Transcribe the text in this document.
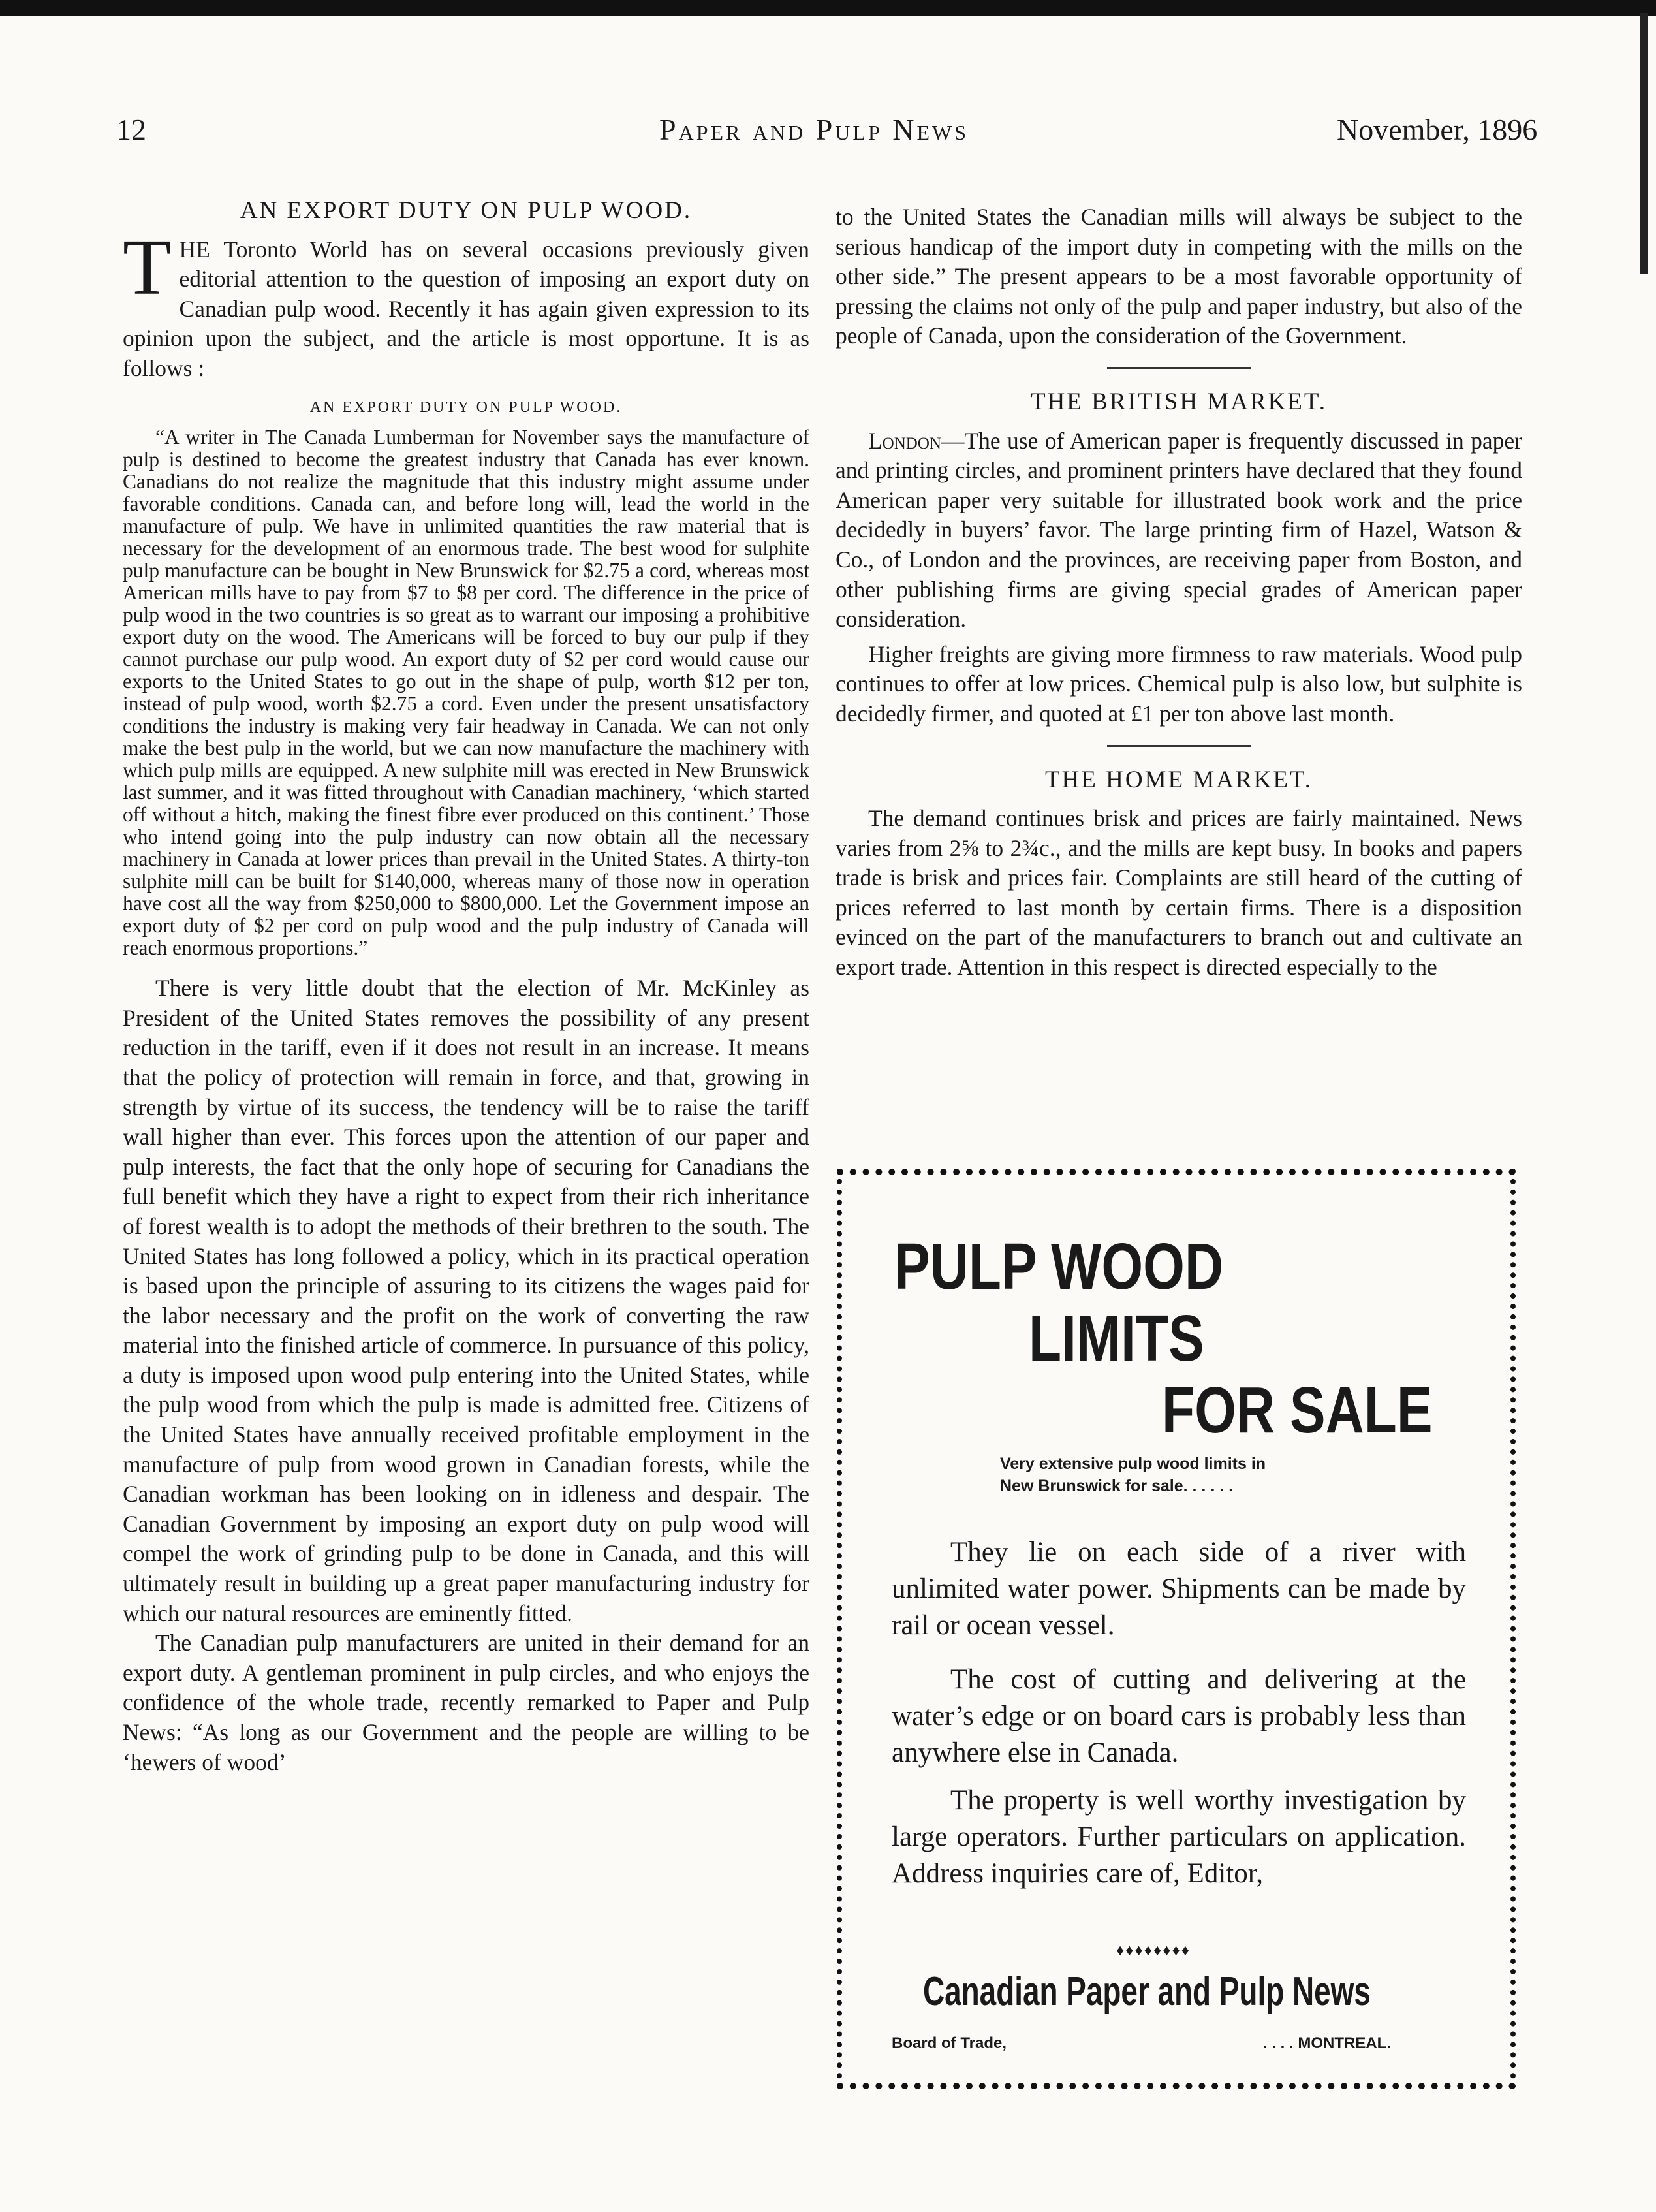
12	Paper and Pulp News	November, 1896
AN EXPORT DUTY ON PULP WOOD.

THE Toronto World has on several occasions previously given editorial attention to the question of imposing an export duty on Canadian pulp wood. Recently it has again given expression to its opinion upon the subject, and the article is most opportune. It is as follows :

AN EXPORT DUTY ON PULP WOOD.

“A writer in The Canada Lumberman for November says the manufacture of pulp is destined to become the greatest industry that Canada has ever known. Canadians do not realize the magnitude that this industry might assume under favorable conditions. Canada can, and before long will, lead the world in the manufacture of pulp. We have in unlimited quantities the raw material that is necessary for the development of an enormous trade. The best wood for sulphite pulp manufacture can be bought in New Brunswick for $2.75 a cord, whereas most American mills have to pay from $7 to $8 per cord. The difference in the price of pulp wood in the two countries is so great as to warrant our imposing a prohibitive export duty on the wood. The Americans will be forced to buy our pulp if they cannot purchase our pulp wood. An export duty of $2 per cord would cause our exports to the United States to go out in the shape of pulp, worth $12 per ton, instead of pulp wood, worth $2.75 a cord. Even under the present unsatisfactory conditions the industry is making very fair headway in Canada. We can not only make the best pulp in the world, but we can now manufacture the machinery with which pulp mills are equipped. A new sulphite mill was erected in New Brunswick last summer, and it was fitted throughout with Canadian machinery, ‘which started off without a hitch, making the finest fibre ever produced on this continent.’ Those who intend going into the pulp industry can now obtain all the necessary machinery in Canada at lower prices than prevail in the United States. A thirty-ton sulphite mill can be built for $140,000, whereas many of those now in operation have cost all the way from $250,000 to $800,000. Let the Government impose an export duty of $2 per cord on pulp wood and the pulp industry of Canada will reach enormous proportions.”

There is very little doubt that the election of Mr. McKinley as President of the United States removes the possibility of any present reduction in the tariff, even if it does not result in an increase. It means that the policy of protection will remain in force, and that, growing in strength by virtue of its success, the tendency will be to raise the tariff wall higher than ever. This forces upon the attention of our paper and pulp interests, the fact that the only hope of securing for Canadians the full benefit which they have a right to expect from their rich inheritance of forest wealth is to adopt the methods of their brethren to the south. The United States has long followed a policy, which in its practical operation is based upon the principle of assuring to its citizens the wages paid for the labor necessary and the profit on the work of converting the raw material into the finished article of commerce. In pursuance of this policy, a duty is imposed upon wood pulp entering into the United States, while the pulp wood from which the pulp is made is admitted free. Citizens of the United States have annually received profitable employment in the manufacture of pulp from wood grown in Canadian forests, while the Canadian workman has been looking on in idleness and despair. The Canadian Government by imposing an export duty on pulp wood will compel the work of grinding pulp to be done in Canada, and this will ultimately result in building up a great paper manufacturing industry for which our natural resources are eminently fitted.

The Canadian pulp manufacturers are united in their demand for an export duty. A gentleman prominent in pulp circles, and who enjoys the confidence of the whole trade, recently remarked to Paper and Pulp News: “As long as our Government and the people are willing to be ‘hewers of wood’

to the United States the Canadian mills will always be subject to the serious handicap of the import duty in competing with the mills on the other side.” The present appears to be a most favorable opportunity of pressing the claims not only of the pulp and paper industry, but also of the people of Canada, upon the consideration of the Government.

THE BRITISH MARKET.

London—The use of American paper is frequently discussed in paper and printing circles, and prominent printers have declared that they found American paper very suitable for illustrated book work and the price decidedly in buyers’ favor. The large printing firm of Hazel, Watson & Co., of London and the provinces, are receiving paper from Boston, and other publishing firms are giving special grades of American paper consideration.

Higher freights are giving more firmness to raw materials. Wood pulp continues to offer at low prices. Chemical pulp is also low, but sulphite is decidedly firmer, and quoted at £1 per ton above last month.

THE HOME MARKET.

The demand continues brisk and prices are fairly maintained. News varies from 2⅝ to 2¾c., and the mills are kept busy. In books and papers trade is brisk and prices fair. Complaints are still heard of the cutting of prices referred to last month by certain firms. There is a disposition evinced on the part of the manufacturers to branch out and cultivate an export trade. Attention in this respect is directed especially to the

PULP WOOD
LIMITS
FOR SALE
Very extensive pulp wood limits in
New Brunswick for sale. . . . . .

They lie on each side of a river with unlimited water power. Shipments can be made by rail or ocean vessel.

The cost of cutting and delivering at the water’s edge or on board cars is probably less than anywhere else in Canada.

The property is well worthy investigation by large operators. Further particulars on application. Address inquiries care of, Editor,

♦♦♦♦♦♦♦♦
Canadian Paper and Pulp News
Board of Trade,	. . . . MONTREAL.
